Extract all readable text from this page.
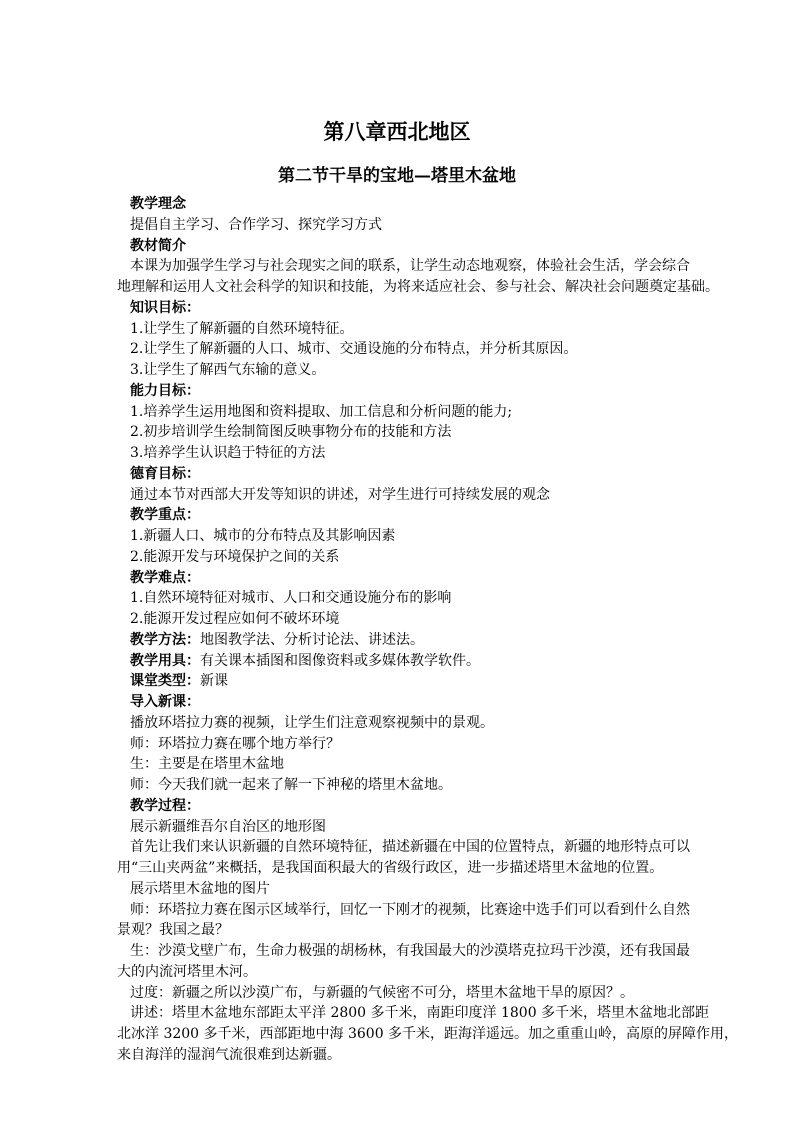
第八章西北地区
第二节干旱的宝地—塔里木盆地
教学理念
提倡自主学习、合作学习、探究学习方式
教材简介
本课为加强学生学习与社会现实之间的联系，让学生动态地观察，体验社会生活，学会综合
地理解和运用人文社会科学的知识和技能，为将来适应社会、参与社会、解决社会问题奠定基础。
知识目标：
1.让学生了解新疆的自然环境特征。
2.让学生了解新疆的人口、城市、交通设施的分布特点，并分析其原因。
3.让学生了解西气东输的意义。
能力目标：
1.培养学生运用地图和资料提取、加工信息和分析问题的能力;
2.初步培训学生绘制简图反映事物分布的技能和方法
3.培养学生认识趋于特征的方法
德育目标：
通过本节对西部大开发等知识的讲述，对学生进行可持续发展的观念
教学重点：
1.新疆人口、城市的分布特点及其影响因素
2.能源开发与环境保护之间的关系
教学难点：
1.自然环境特征对城市、人口和交通设施分布的影响
2.能源开发过程应如何不破坏环境
教学方法：地图教学法、分析讨论法、讲述法。
教学用具：有关课本插图和图像资料或多媒体教学软件。
课堂类型：新课
导入新课：
播放环塔拉力赛的视频，让学生们注意观察视频中的景观。
师：环塔拉力赛在哪个地方举行？
生：主要是在塔里木盆地
师：今天我们就一起来了解一下神秘的塔里木盆地。
教学过程：
展示新疆维吾尔自治区的地形图
首先让我们来认识新疆的自然环境特征，描述新疆在中国的位置特点，新疆的地形特点可以
用“三山夹两盆”来概括，是我国面积最大的省级行政区，进一步描述塔里木盆地的位置。
展示塔里木盆地的图片
师：环塔拉力赛在图示区域举行，回忆一下刚才的视频，比赛途中选手们可以看到什么自然
景观？我国之最？
生：沙漠戈壁广布，生命力极强的胡杨林，有我国最大的沙漠塔克拉玛干沙漠，还有我国最
大的内流河塔里木河。
过度：新疆之所以沙漠广布，与新疆的气候密不可分，塔里木盆地干旱的原因？。
讲述：塔里木盆地东部距太平洋 2800 多千米，南距印度洋 1800 多千米，塔里木盆地北部距
北冰洋 3200 多千米，西部距地中海 3600 多千米，距海洋遥远。加之重重山岭，高原的屏障作用，
来自海洋的湿润气流很难到达新疆。
